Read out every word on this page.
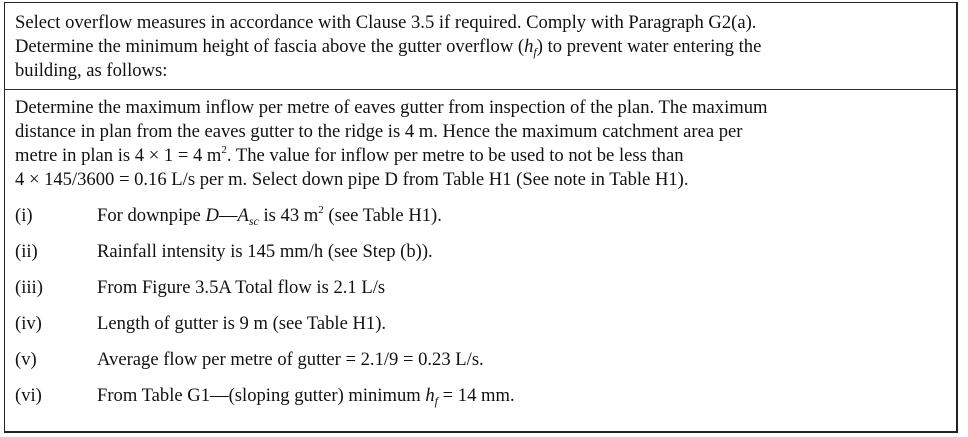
Select overflow measures in accordance with Clause 3.5 if required. Comply with Paragraph G2(a).
Determine the minimum height of fascia above the gutter overflow $(h_f)$ to prevent water entering the
building, as follows:
Determine the maximum inflow per metre of eaves gutter from inspection of the plan. The maximum
distance in plan from the eaves gutter to the ridge is 4 m. Hence the maximum catchment area per
metre in plan is 4 × 1 = 4 $m^2$. The value for inflow per metre to be used to not be less than
4 × 145/3600 = 0.16 L/s per m. Select down pipe D from Table H1 (See note in Table H1).
(i)	For downpipe $D—A_{sc}$ is 43 $m^2$ (see Table H1).
(ii)	Rainfall intensity is 145 mm/h (see Step (b)).
(iii)	From Figure 3.5A Total flow is 2.1 L/s
(iv)	Length of gutter is 9 m (see Table H1).
(v)	Average flow per metre of gutter = 2.1/9 = 0.23 L/s.
(vi)	From Table G1—(sloping gutter) minimum $h_f = 14$ mm.
